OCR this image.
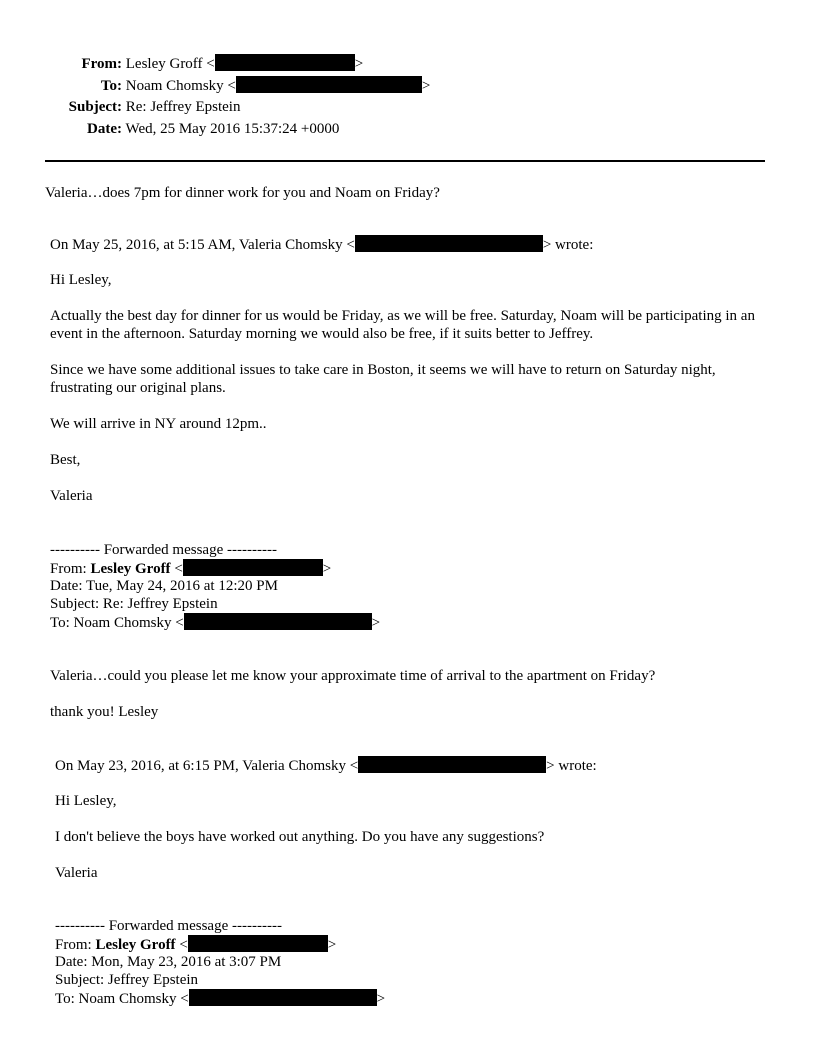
From: Lesley Groff <	>
To: Noam Chomsky <	>
Subject: Re: Jeffrey Epstein
Date: Wed, 25 May 2016 15:37:24 +0000
Valeria…does 7pm for dinner work for you and Noam on Friday?
On May 25, 2016, at 5:15 AM, Valeria Chomsky <	> wrote:
Hi Lesley,
Actually the best day for dinner for us would be Friday, as we will be free. Saturday, Noam will be participating in an event in the afternoon. Saturday morning we would also be free, if it suits better to Jeffrey.
Since we have some additional issues to take care in Boston, it seems we will have to return on Saturday night, frustrating our original plans.
We will arrive in NY around 12pm..
Best,
Valeria
---------- Forwarded message ----------
From: Lesley Groff <	>
Date: Tue, May 24, 2016 at 12:20 PM
Subject: Re: Jeffrey Epstein
To: Noam Chomsky <	>
Valeria…could you please let me know your approximate time of arrival to the apartment on Friday?
thank you! Lesley
On May 23, 2016, at 6:15 PM, Valeria Chomsky <	> wrote:
Hi Lesley,
I don't believe the boys have worked out anything. Do you have any suggestions?
Valeria
---------- Forwarded message ----------
From: Lesley Groff <	>
Date: Mon, May 23, 2016 at 3:07 PM
Subject: Jeffrey Epstein
To: Noam Chomsky <	>
